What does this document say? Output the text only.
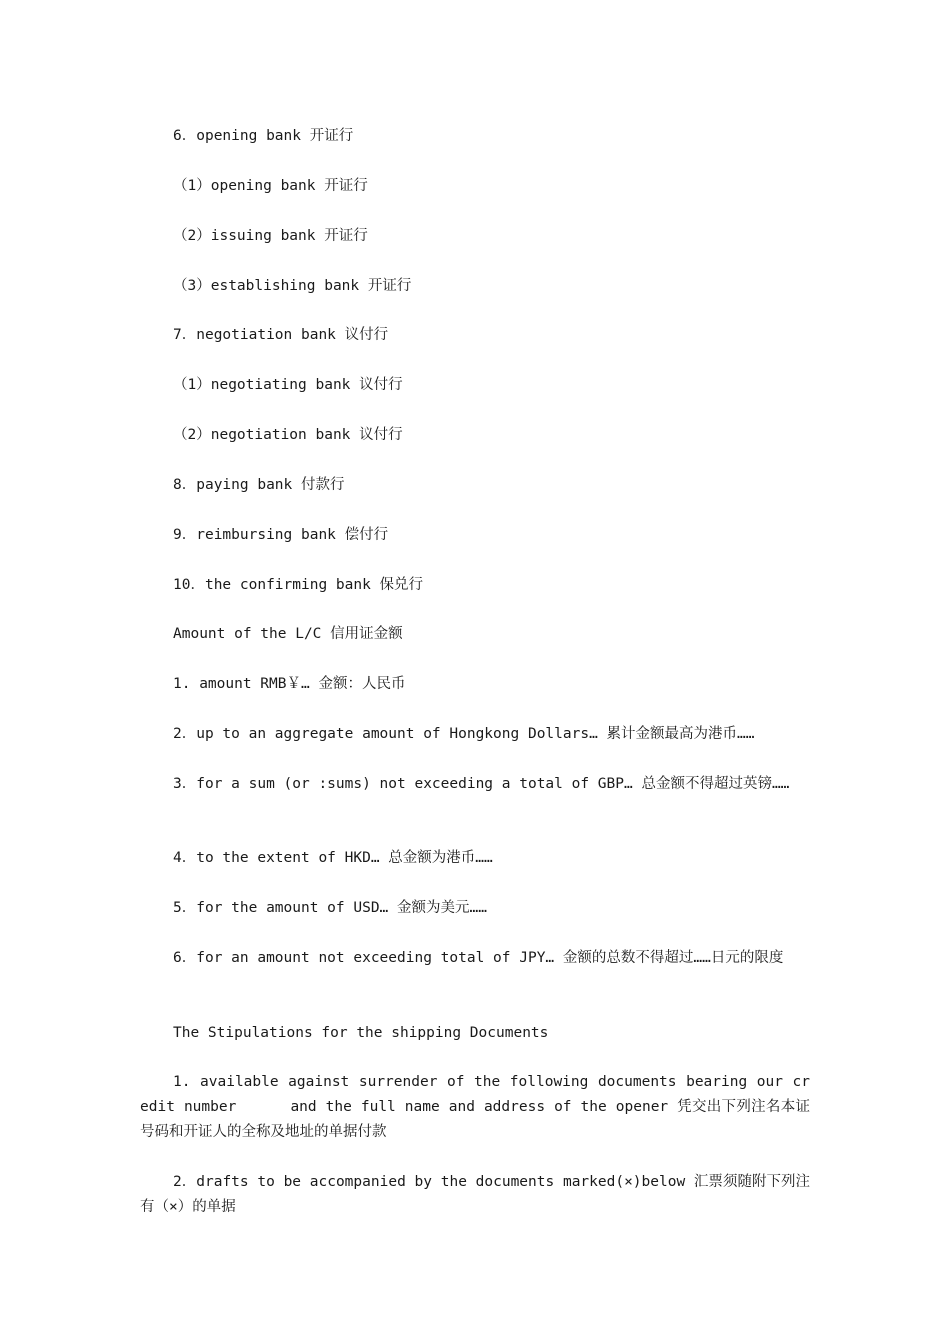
6．opening bank 开证行
（1）opening bank 开证行
（2）issuing bank 开证行
（3）establishing bank 开证行
7．negotiation bank 议付行
（1）negotiating bank 议付行
（2）negotiation bank 议付行
8．paying bank 付款行
9．reimbursing bank 偿付行
10．the confirming bank 保兑行
Amount of the L/C 信用证金额
1. amount RMB￥… 金额：人民币
2．up to an aggregate amount of Hongkong Dollars… 累计金额最高为港币……
3．for a sum (or :sums) not exceeding a total of GBP… 总金额不得超过英镑……
4．to the extent of HKD… 总金额为港币……
5．for the amount of USD… 金额为美元……
6．for an amount not exceeding total of JPY… 金额的总数不得超过……日元的限度
The Stipulations for the shipping Documents
1. available against surrender of the following documents bearing our credit number      and the full name and address of the opener 凭交出下列注名本证号码和开证人的全称及地址的单据付款
2．drafts to be accompanied by the documents marked(×)below 汇票须随附下列注有（×）的单据
